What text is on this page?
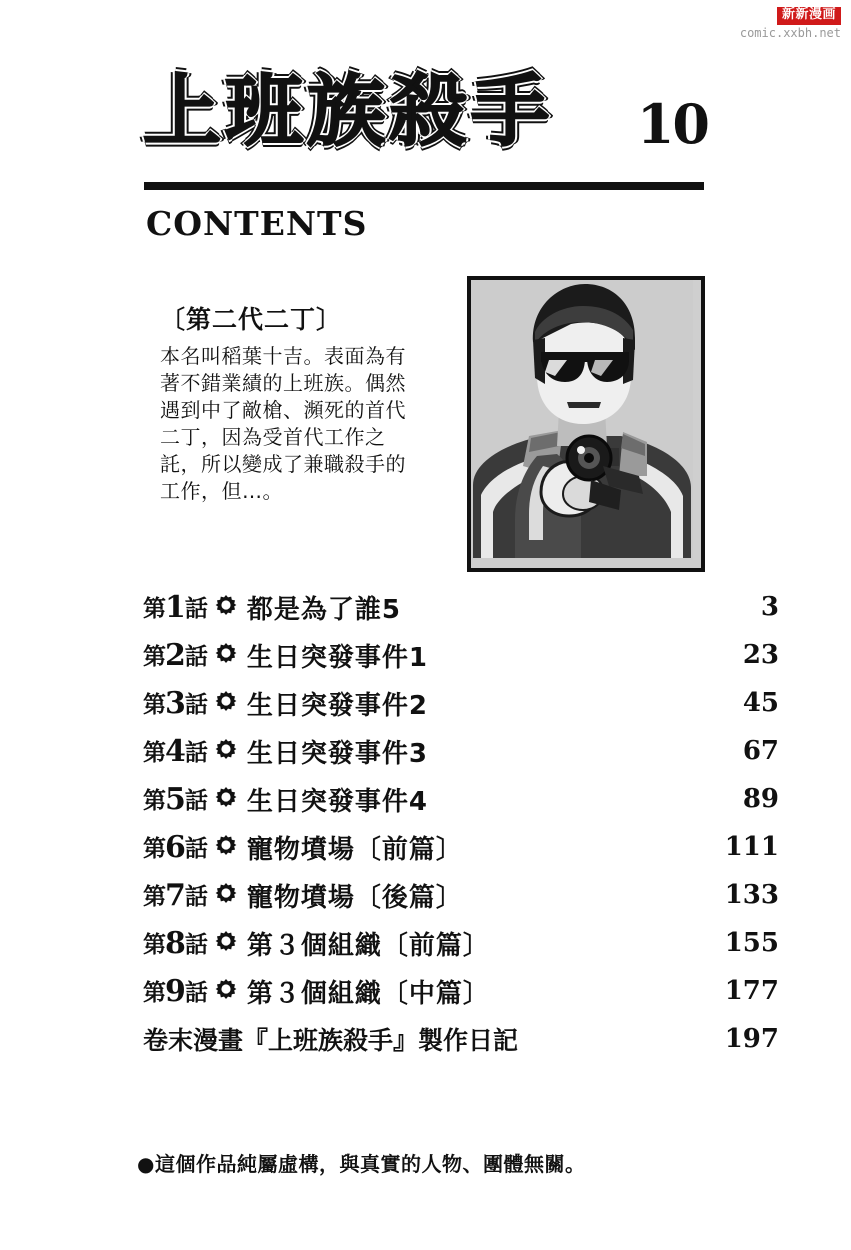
新新漫画
comic.xxbh.net
上班族殺手	10
CONTENTS
〔第二代二丁〕
本名叫稻葉十吉。表面為有著不錯業績的上班族。偶然遇到中了敵槍、瀕死的首代二丁，因為受首代工作之託，所以變成了兼職殺手的工作，但…。
第1話 都是為了誰5	3
第2話 生日突發事件1	23
第3話 生日突發事件2	45
第4話 生日突發事件3	67
第5話 生日突發事件4	89
第6話 寵物墳場〔前篇〕	111
第7話 寵物墳場〔後篇〕	133
第8話 第３個組織〔前篇〕	155
第9話 第３個組織〔中篇〕	177
卷末漫畫『上班族殺手』製作日記	197
●這個作品純屬虛構，與真實的人物、團體無關。
